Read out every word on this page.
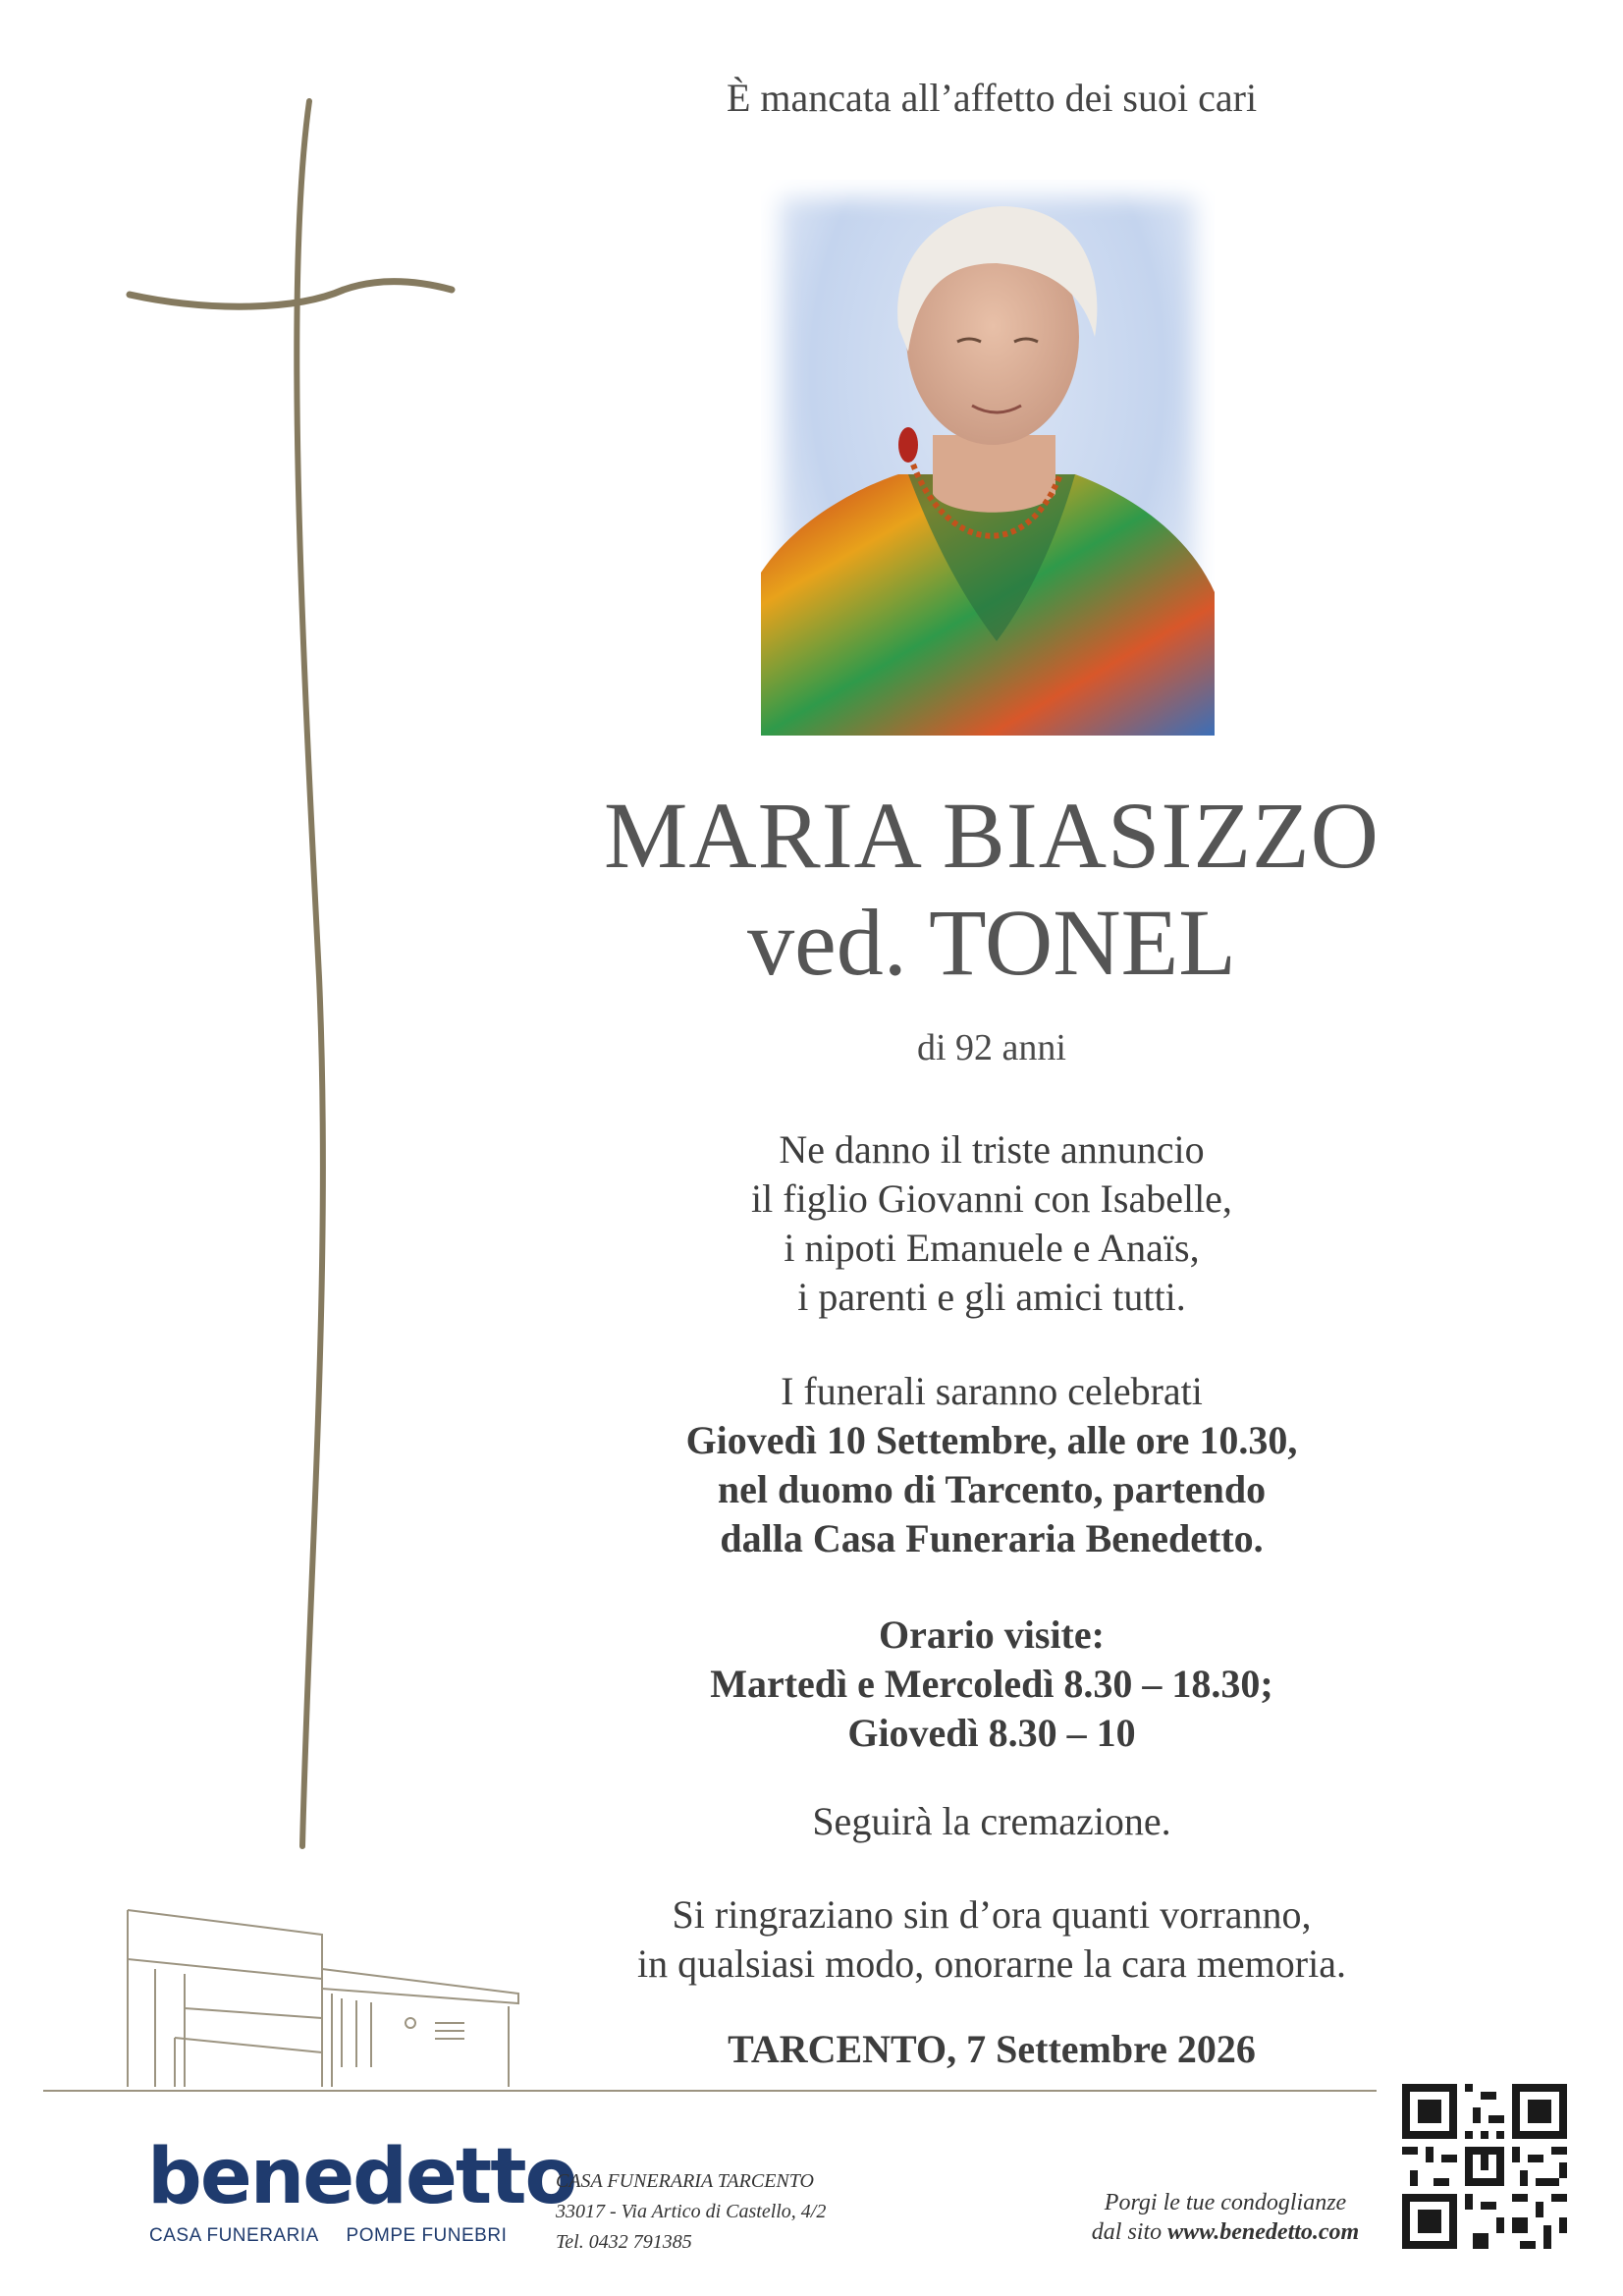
È mancata all’affetto dei suoi cari
MARIA BIASIZZO
ved. TONEL
di 92 anni
Ne danno il triste annuncio
il figlio Giovanni con Isabelle,
i nipoti Emanuele e Anaïs,
i parenti e gli amici tutti.
I funerali saranno celebrati
Giovedì 10 Settembre, alle ore 10.30,
nel duomo di Tarcento, partendo
dalla Casa Funeraria Benedetto.
Orario visite:
Martedì e Mercoledì 8.30 – 18.30;
Giovedì 8.30 – 10
Seguirà la cremazione.
Si ringraziano sin d’ora quanti vorranno,
in qualsiasi modo, onorarne la cara memoria.
TARCENTO, 7 Settembre 2026
benedetto
CASA FUNERARIA POMPE FUNEBRI
CASA FUNERARIA TARCENTO
33017 - Via Artico di Castello, 4/2
Tel. 0432 791385
Porgi le tue condoglianze
dal sito www.benedetto.com
